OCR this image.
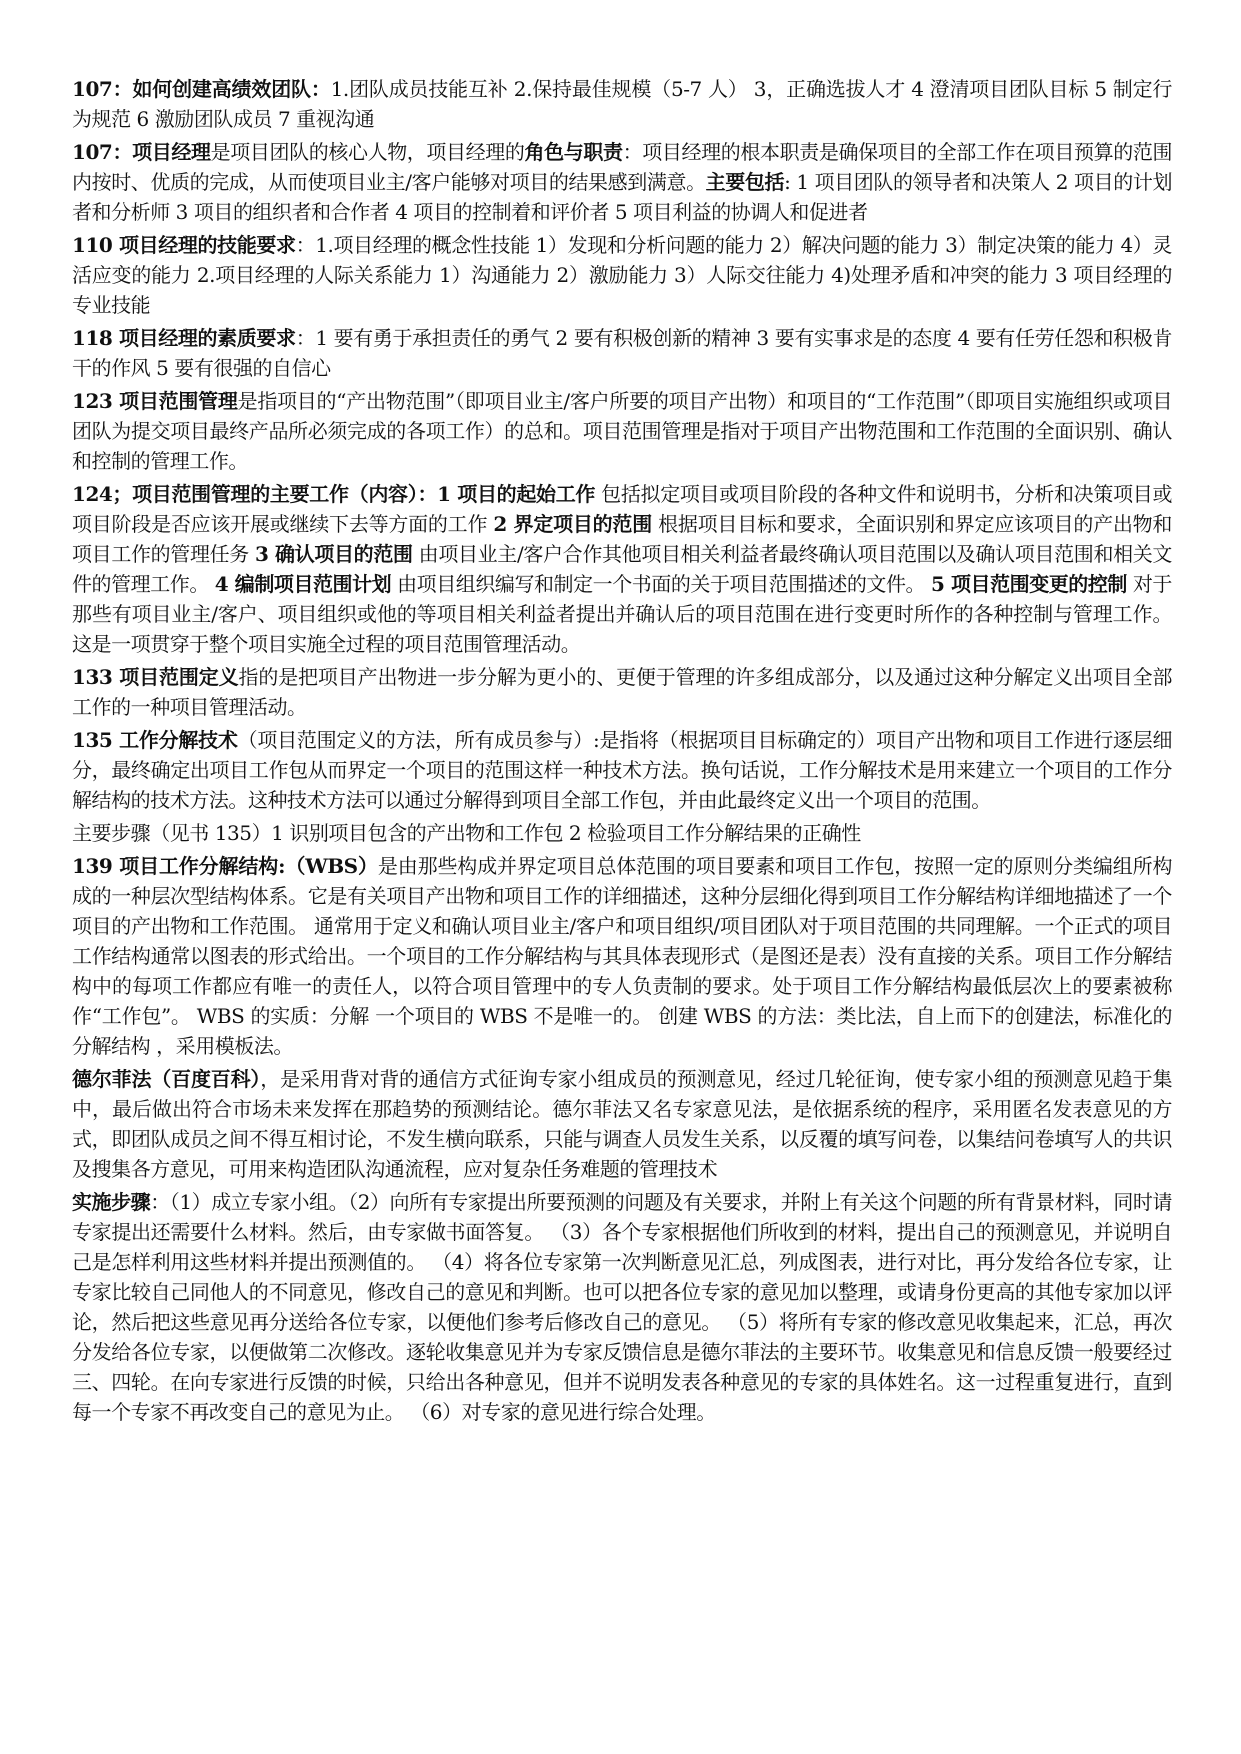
107：如何创建高绩效团队：1.团队成员技能互补 2.保持最佳规模（5-7 人） 3，正确选拔人才 4 澄清项目团队目标 5 制定行为规范 6 激励团队成员 7 重视沟通

107：项目经理是项目团队的核心人物，项目经理的角色与职责：项目经理的根本职责是确保项目的全部工作在项目预算的范围内按时、优质的完成，从而使项目业主/客户能够对项目的结果感到满意。主要包括: 1 项目团队的领导者和决策人 2 项目的计划者和分析师 3 项目的组织者和合作者 4 项目的控制着和评价者 5 项目利益的协调人和促进者

110 项目经理的技能要求：1.项目经理的概念性技能 1）发现和分析问题的能力 2）解决问题的能力 3）制定决策的能力 4）灵活应变的能力 2.项目经理的人际关系能力 1）沟通能力 2）激励能力 3）人际交往能力 4)处理矛盾和冲突的能力 3 项目经理的专业技能

118 项目经理的素质要求：1 要有勇于承担责任的勇气 2 要有积极创新的精神 3 要有实事求是的态度 4 要有任劳任怨和积极肯干的作风 5 要有很强的自信心

123 项目范围管理是指项目的“产出物范围”（即项目业主/客户所要的项目产出物）和项目的“工作范围”（即项目实施组织或项目团队为提交项目最终产品所必须完成的各项工作）的总和。项目范围管理是指对于项目产出物范围和工作范围的全面识别、确认和控制的管理工作。

124；项目范围管理的主要工作（内容）：1 项目的起始工作 包括拟定项目或项目阶段的各种文件和说明书，分析和决策项目或项目阶段是否应该开展或继续下去等方面的工作 2 界定项目的范围 根据项目目标和要求，全面识别和界定应该项目的产出物和项目工作的管理任务 3 确认项目的范围 由项目业主/客户合作其他项目相关利益者最终确认项目范围以及确认项目范围和相关文件的管理工作。 4 编制项目范围计划 由项目组织编写和制定一个书面的关于项目范围描述的文件。 5 项目范围变更的控制 对于那些有项目业主/客户、项目组织或他的等项目相关利益者提出并确认后的项目范围在进行变更时所作的各种控制与管理工作。这是一项贯穿于整个项目实施全过程的项目范围管理活动。

133 项目范围定义指的是把项目产出物进一步分解为更小的、更便于管理的许多组成部分，以及通过这种分解定义出项目全部工作的一种项目管理活动。

135 工作分解技术（项目范围定义的方法，所有成员参与）:是指将（根据项目目标确定的）项目产出物和项目工作进行逐层细分，最终确定出项目工作包从而界定一个项目的范围这样一种技术方法。换句话说，工作分解技术是用来建立一个项目的工作分解结构的技术方法。这种技术方法可以通过分解得到项目全部工作包，并由此最终定义出一个项目的范围。

主要步骤（见书 135）1 识别项目包含的产出物和工作包 2 检验项目工作分解结果的正确性

139 项目工作分解结构:（WBS）是由那些构成并界定项目总体范围的项目要素和项目工作包，按照一定的原则分类编组所构成的一种层次型结构体系。它是有关项目产出物和项目工作的详细描述，这种分层细化得到项目工作分解结构详细地描述了一个项目的产出物和工作范围。 通常用于定义和确认项目业主/客户和项目组织/项目团队对于项目范围的共同理解。一个正式的项目工作结构通常以图表的形式给出。一个项目的工作分解结构与其具体表现形式（是图还是表）没有直接的关系。项目工作分解结构中的每项工作都应有唯一的责任人，以符合项目管理中的专人负责制的要求。处于项目工作分解结构最低层次上的要素被称作“工作包”。 WBS 的实质：分解 一个项目的 WBS 不是唯一的。 创建 WBS 的方法：类比法，自上而下的创建法，标准化的分解结构 ，采用模板法。

德尔菲法（百度百科），是采用背对背的通信方式征询专家小组成员的预测意见，经过几轮征询，使专家小组的预测意见趋于集中，最后做出符合市场未来发挥在那趋势的预测结论。德尔菲法又名专家意见法，是依据系统的程序，采用匿名发表意见的方式，即团队成员之间不得互相讨论，不发生横向联系，只能与调查人员发生关系，以反覆的填写问卷，以集结问卷填写人的共识及搜集各方意见，可用来构造团队沟通流程，应对复杂任务难题的管理技术

实施步骤：（1）成立专家小组。（2）向所有专家提出所要预测的问题及有关要求，并附上有关这个问题的所有背景材料，同时请专家提出还需要什么材料。然后，由专家做书面答复。 （3）各个专家根据他们所收到的材料，提出自己的预测意见，并说明自己是怎样利用这些材料并提出预测值的。 （4）将各位专家第一次判断意见汇总，列成图表，进行对比，再分发给各位专家，让专家比较自己同他人的不同意见，修改自己的意见和判断。也可以把各位专家的意见加以整理，或请身份更高的其他专家加以评论，然后把这些意见再分送给各位专家，以便他们参考后修改自己的意见。 （5）将所有专家的修改意见收集起来，汇总，再次分发给各位专家，以便做第二次修改。逐轮收集意见并为专家反馈信息是德尔菲法的主要环节。收集意见和信息反馈一般要经过三、四轮。在向专家进行反馈的时候，只给出各种意见，但并不说明发表各种意见的专家的具体姓名。这一过程重复进行，直到每一个专家不再改变自己的意见为止。 （6）对专家的意见进行综合处理。
